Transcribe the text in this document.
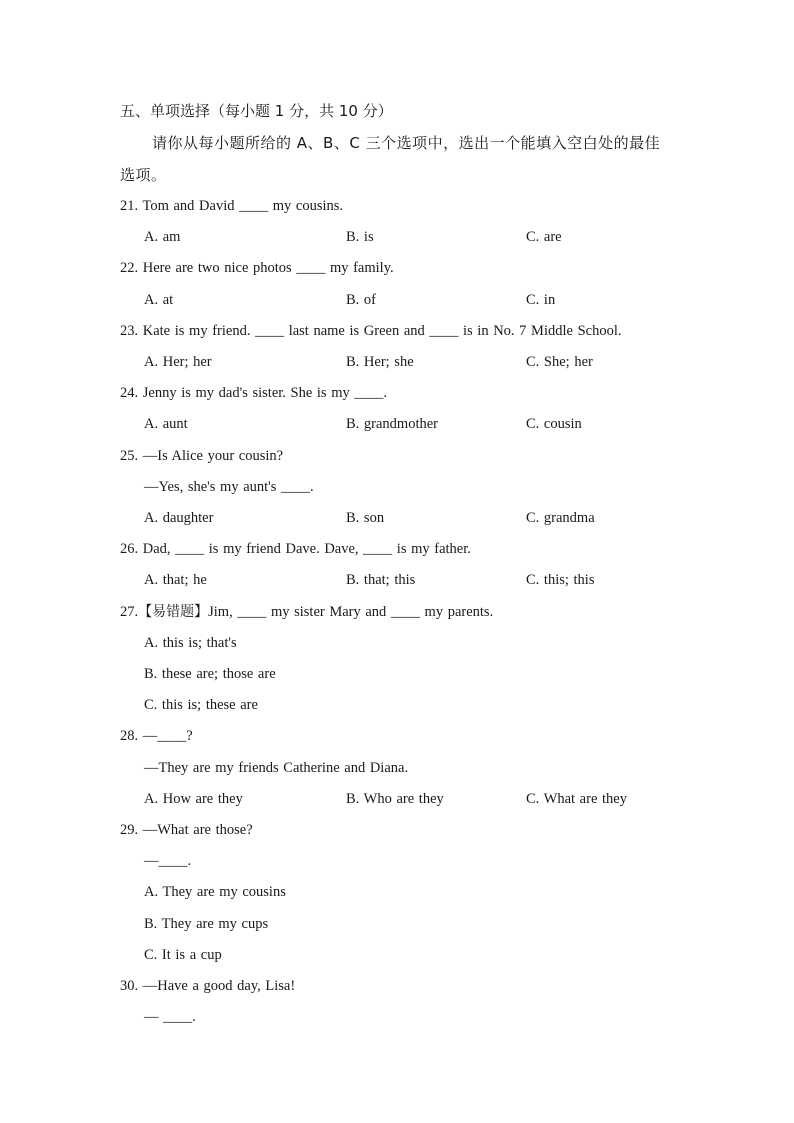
五、单项选择（每小题 1 分，共 10 分）
请你从每小题所给的 A、B、C 三个选项中，选出一个能填入空白处的最佳
选项。
21. Tom and David ____ my cousins.
A. am	B. is	C. are
22. Here are two nice photos ____ my family.
A. at	B. of	C. in
23. Kate is my friend. ____ last name is Green and ____ is in No. 7 Middle School.
A. Her; her	B. Her; she	C. She; her
24. Jenny is my dad's sister. She is my ____.
A. aunt	B. grandmother	C. cousin
25. —Is Alice your cousin?
—Yes, she's my aunt's ____.
A. daughter	B. son	C. grandma
26. Dad, ____ is my friend Dave. Dave, ____ is my father.
A. that; he	B. that; this	C. this; this
27.【易错题】Jim, ____ my sister Mary and ____ my parents.
A. this is; that's
B. these are; those are
C. this is; these are
28. —____?
—They are my friends Catherine and Diana.
A. How are they	B. Who are they	C. What are they
29. —What are those?
—____.
A. They are my cousins
B. They are my cups
C. It is a cup
30. —Have a good day, Lisa!
— ____.
